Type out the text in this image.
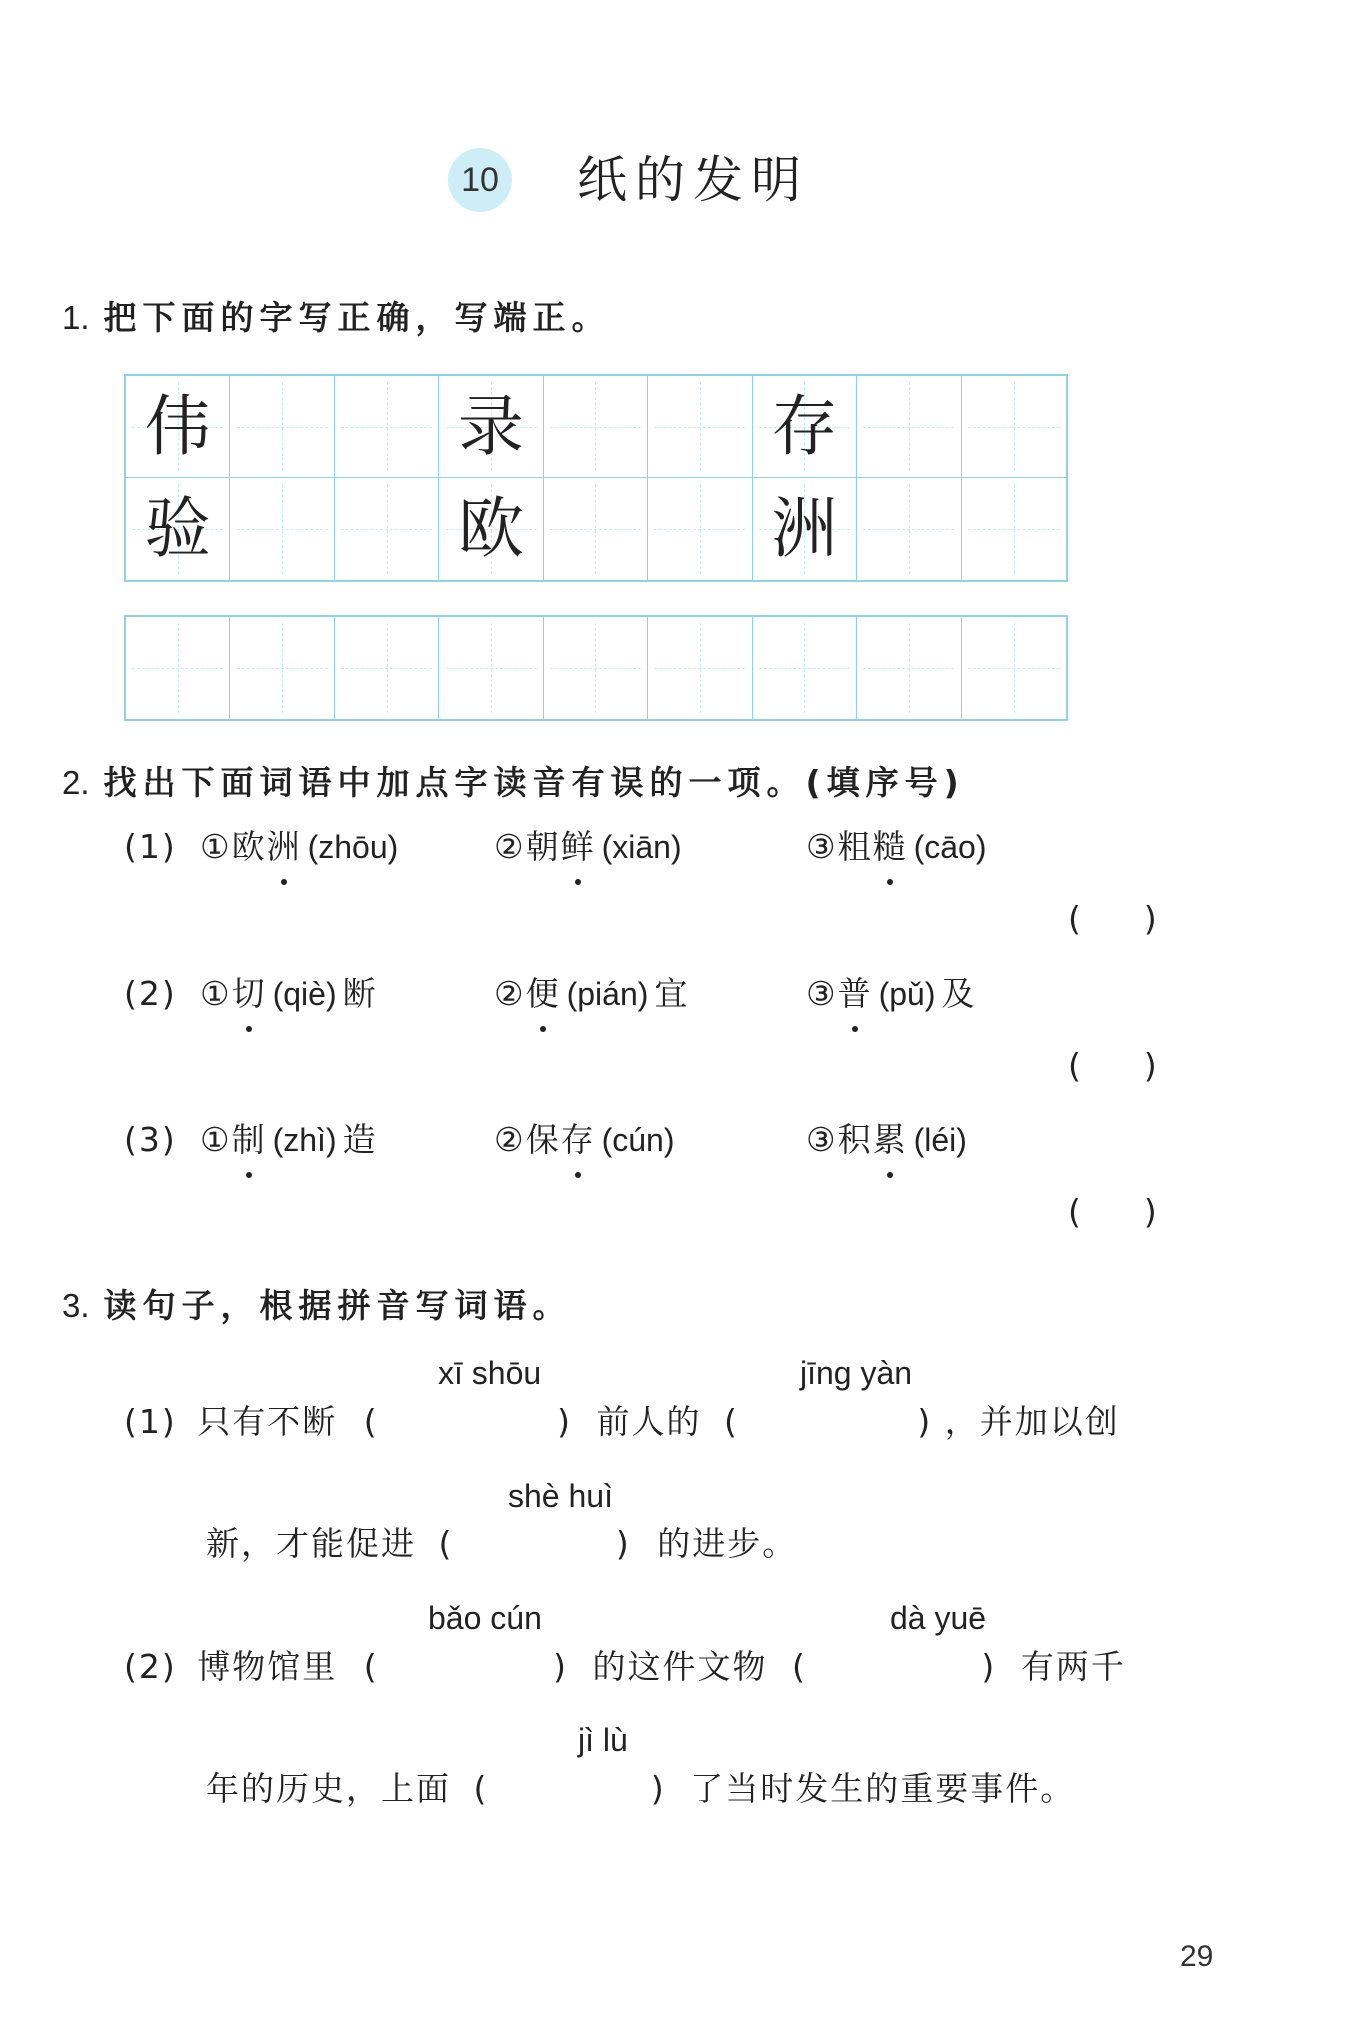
10 纸的发明
1. 把下面的字写正确，写端正。
伟	录	存
验	欧	洲
2. 找出下面词语中加点字读音有误的一项。(填序号)
(1) ①欧洲 (zhōu)	②朝鲜 (xiān)	③粗糙 (cāo)
(      )
(2) ①切 (qiè) 断	②便 (pián) 宜	③普 (pǔ) 及
(      )
(3) ①制 (zhì) 造	②保存 (cún)	③积累 (léi)
(      )
3. 读句子，根据拼音写词语。
xī shōu	jīng yàn
(1) 只有不断 (	) 前人的 (	) ，并加以创
shè huì
新，才能促进 (	) 的进步。
bǎo cún	dà yuē
(2) 博物馆里 (	) 的这件文物 (	) 有两千
jì lù
年的历史，上面 (	) 了当时发生的重要事件。
29
